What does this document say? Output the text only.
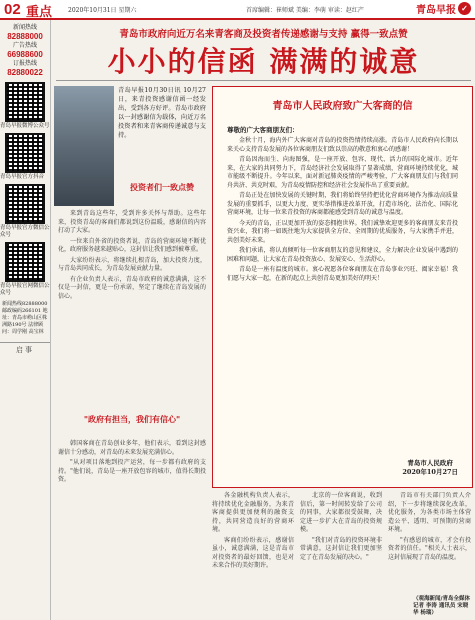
02 重点	2020年10月31日 星期六	首席编辑：崔师斌 美编：李萌 审读：赵红产	青岛早报 ✓
新闻热线
82888000
广告热线
66988600
订报热线
82880022
青岛早报微博公众号
青岛早报官方抖音
青岛早报官方微信公众号
青岛早报官网微信公众号
新闻热线82888000 邮政编码266101 地址：青岛市崂山区株洲路190号 法律顾问：周学刚 高宝林
启事
青岛市政府向近万名来青客商及投资者传递感谢与支持 赢得一致点赞
小小的信函 满满的诚意
青岛早报10月30日讯 10月27日，来青投资感谢信函一经发出，受到各方好评。青岛市政府以一封感谢信为载体，向近万名投资者和来青客商传递诚意与支持。
投资者们一致点赞

来到青岛这些年，受到许多关怀与帮助。这些年来，投资青岛的客商们都说到这份温暖，感谢信的内容打动了大家。

一位来自外省的投资者说，青岛的营商环境不断优化，政府服务越来越贴心，这封信让我们感到被尊重。

大家纷纷表示，将继续扎根青岛，加大投资力度，与青岛共同成长，为青岛发展贡献力量。

有企业负责人表示，青岛市政府的诚意满满，这不仅是一封信，更是一份承诺，坚定了继续在青岛发展的信心。

"政府有担当，我们有信心"

韩国客商在青岛创业多年，他们表示，看到这封感谢信十分感动，对青岛的未来发展充满信心。

"从对项目落地到投产运营，每一步都有政府的支持。"他们说，青岛是一座开放包容的城市，值得长期投资。

青岛市人民政府致广大客商的信
尊敬的广大客商朋友们：

金秋十月，海内外广大客商对青岛的投资热情持续高涨。青岛市人民政府向长期以来关心支持青岛发展的各位客商朋友们致以崇高的敬意和衷心的感谢！

青岛因海而生、向海图强，是一座开放、包容、现代、活力的国际化城市。近年来，在大家的共同努力下，青岛经济社会发展取得了显著成绩，营商环境持续优化，城市能级不断提升。今年以来，面对新冠肺炎疫情的严峻考验，广大客商朋友们与我们同舟共济、共克时艰，为青岛疫情防控和经济社会发展作出了重要贡献。

青岛正处在加快发展的关键时期，我们将始终坚持把优化营商环境作为推动高质量发展的重要抓手，以更大力度、更实举措推进改革开放，打造市场化、法治化、国际化营商环境，让每一位来青投资的客商都能感受到青岛的诚意与温度。

今天的青岛，正以更加开放的姿态拥抱世界。我们诚挚欢迎更多的客商朋友来青投资兴业，我们将一如既往地为大家提供全方位、全周期的优质服务，与大家携手并进，共创美好未来。

我们承诺，将认真倾听每一位客商朋友的意见和建议，全力解决企业发展中遇到的困难和问题，让大家在青岛投资放心、发展安心、生活舒心。

青岛是一座有温度的城市。衷心祝愿各位客商朋友在青岛事业兴旺、阖家幸福！我们愿与大家一起，在新的起点上共创青岛更加美好的明天！

青岛市人民政府
2020年10月27日

各金融机构负责人表示，将持续优化金融服务，为来青客商提供更加便利的融资支持，共同营造良好的营商环境。

客商们纷纷表示，感谢信虽小，诚意满满，这是青岛市对投资者的最好回馈，也是对未来合作的美好期许。

北京的一位客商说，收到信后，第一时间转发给了公司的同事，大家都很受鼓舞，决定进一步扩大在青岛的投资规模。

"我们对青岛的投资环境非常满意，这封信让我们更加坚定了在青岛发展的决心。"

青岛市有关部门负责人介绍，下一步将继续深化改革，优化服务，为各类市场主体营造公平、透明、可预期的营商环境。

"有感恩的城市，才会有投资者的信任。"相关人士表示，这封信展现了青岛的温度。

（观海新闻/青岛全媒体记者 李涛 通讯员 宋晓华 杨瑞）
